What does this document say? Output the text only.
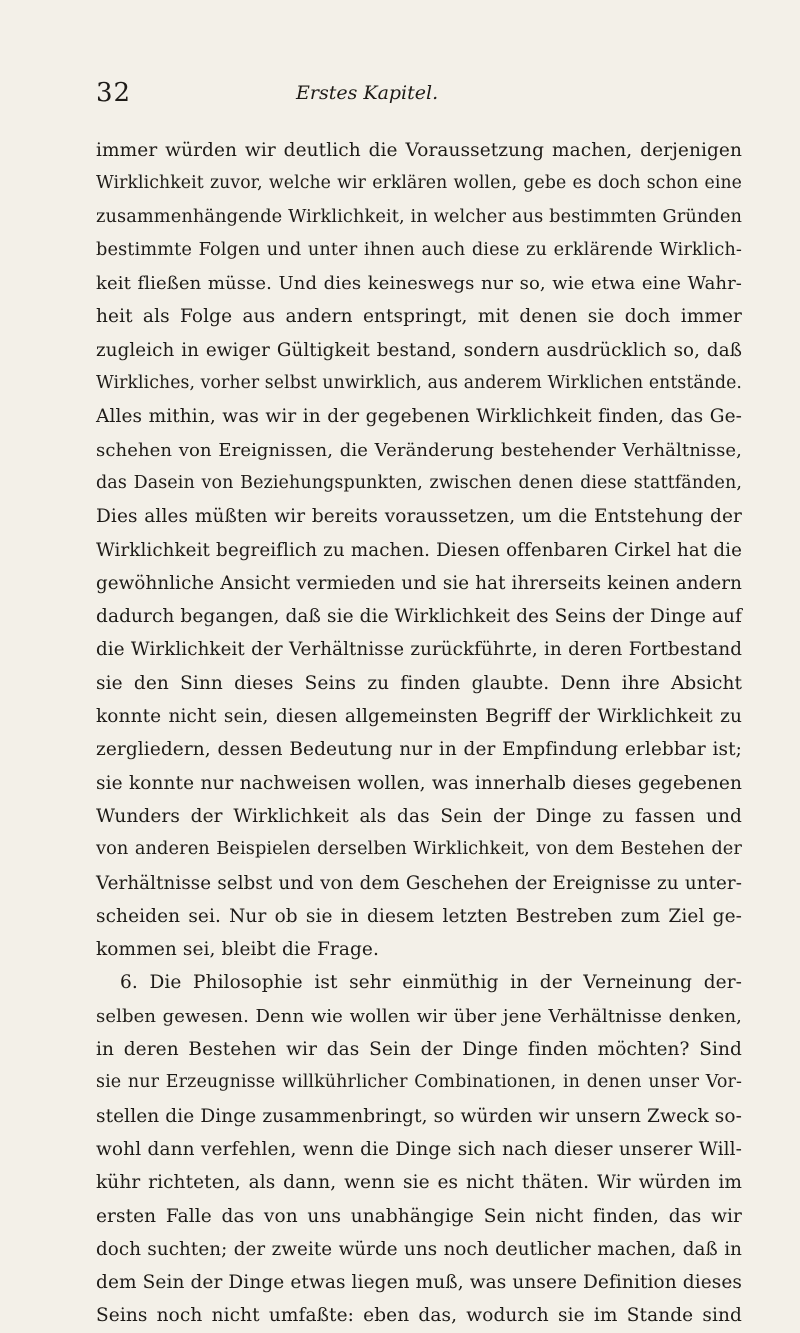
32	Erstes Kapitel.
immer würden wir deutlich die Voraussetzung machen, derjenigen
Wirklichkeit zuvor, welche wir erklären wollen, gebe es doch schon eine
zusammenhängende Wirklichkeit, in welcher aus bestimmten Gründen
bestimmte Folgen und unter ihnen auch diese zu erklärende Wirklich-
keit fließen müsse. Und dies keineswegs nur so, wie etwa eine Wahr-
heit als Folge aus andern entspringt, mit denen sie doch immer
zugleich in ewiger Gültigkeit bestand, sondern ausdrücklich so, daß
Wirkliches, vorher selbst unwirklich, aus anderem Wirklichen entstände.
Alles mithin, was wir in der gegebenen Wirklichkeit finden, das Ge-
schehen von Ereignissen, die Veränderung bestehender Verhältnisse,
das Dasein von Beziehungspunkten, zwischen denen diese stattfänden,
Dies alles müßten wir bereits voraussetzen, um die Entstehung der
Wirklichkeit begreiflich zu machen. Diesen offenbaren Cirkel hat die
gewöhnliche Ansicht vermieden und sie hat ihrerseits keinen andern
dadurch begangen, daß sie die Wirklichkeit des Seins der Dinge auf
die Wirklichkeit der Verhältnisse zurückführte, in deren Fortbestand
sie den Sinn dieses Seins zu finden glaubte. Denn ihre Absicht
konnte nicht sein, diesen allgemeinsten Begriff der Wirklichkeit zu
zergliedern, dessen Bedeutung nur in der Empfindung erlebbar ist;
sie konnte nur nachweisen wollen, was innerhalb dieses gegebenen
Wunders der Wirklichkeit als das Sein der Dinge zu fassen und
von anderen Beispielen derselben Wirklichkeit, von dem Bestehen der
Verhältnisse selbst und von dem Geschehen der Ereignisse zu unter-
scheiden sei. Nur ob sie in diesem letzten Bestreben zum Ziel ge-
kommen sei, bleibt die Frage.
6. Die Philosophie ist sehr einmüthig in der Verneinung der-
selben gewesen. Denn wie wollen wir über jene Verhältnisse denken,
in deren Bestehen wir das Sein der Dinge finden möchten? Sind
sie nur Erzeugnisse willkührlicher Combinationen, in denen unser Vor-
stellen die Dinge zusammenbringt, so würden wir unsern Zweck so-
wohl dann verfehlen, wenn die Dinge sich nach dieser unserer Will-
kühr richteten, als dann, wenn sie es nicht thäten. Wir würden im
ersten Falle das von uns unabhängige Sein nicht finden, das wir
doch suchten; der zweite würde uns noch deutlicher machen, daß in
dem Sein der Dinge etwas liegen muß, was unsere Definition dieses
Seins noch nicht umfaßte: eben das, wodurch sie im Stande sind
